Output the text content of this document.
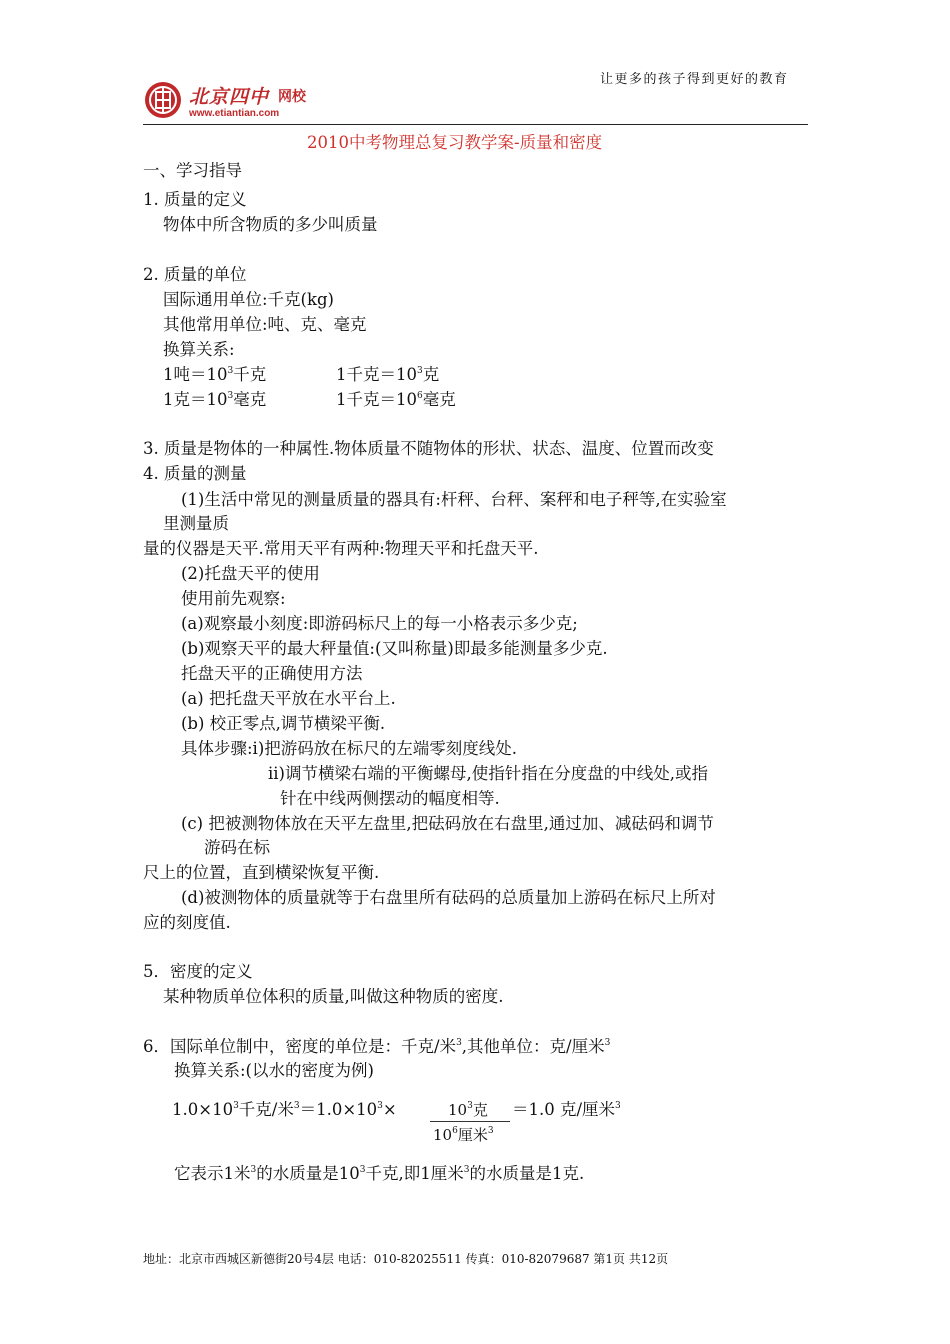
让更多的孩子得到更好的教育
北京四中 网校
www.etiantian.com
2010中考物理总复习教学案-质量和密度
一、学习指导
1. 质量的定义
物体中所含物质的多少叫质量
2. 质量的单位
国际通用单位:千克(kg)
其他常用单位:吨、克、毫克
换算关系:
1吨$=10^3$千克	1千克$=10^3$克
1克$=10^3$毫克	1千克$=10^6$毫克
3. 质量是物体的一种属性.物体质量不随物体的形状、状态、温度、位置而改变
4. 质量的测量
(1)生活中常见的测量质量的器具有:杆秤、台秤、案秤和电子秤等,在实验室
里测量质
量的仪器是天平.常用天平有两种:物理天平和托盘天平.
(2)托盘天平的使用
使用前先观察:
(a)观察最小刻度:即游码标尺上的每一小格表示多少克;
(b)观察天平的最大秤量值:(又叫称量)即最多能测量多少克.
托盘天平的正确使用方法
(a) 把托盘天平放在水平台上.
(b) 校正零点,调节横梁平衡.
具体步骤:i)把游码放在标尺的左端零刻度线处.
ii)调节横梁右端的平衡螺母,使指针指在分度盘的中线处,或指
针在中线两侧摆动的幅度相等.
(c) 把被测物体放在天平左盘里,把砝码放在右盘里,通过加、减砝码和调节
游码在标
尺上的位置，直到横梁恢复平衡.
(d)被测物体的质量就等于右盘里所有砝码的总质量加上游码在标尺上所对
应的刻度值.
5．密度的定义
某种物质单位体积的质量,叫做这种物质的密度.
6．国际单位制中，密度的单位是：千克/米$^3$,其他单位：克/厘米$^3$
换算关系:(以水的密度为例)
$1.0\times 10^3$千克/米$^3=1.0\times 10^3\times$	$10^3$克
$10^6$厘米$^3$
＝1.0 克/厘米$^3$
它表示1米$^3$的水质量是$10^3$千克,即1厘米$^3$的水质量是1克.
地址：北京市西城区新德街20号4层 电话：010-82025511 传真：010-82079687 第1页 共12页
